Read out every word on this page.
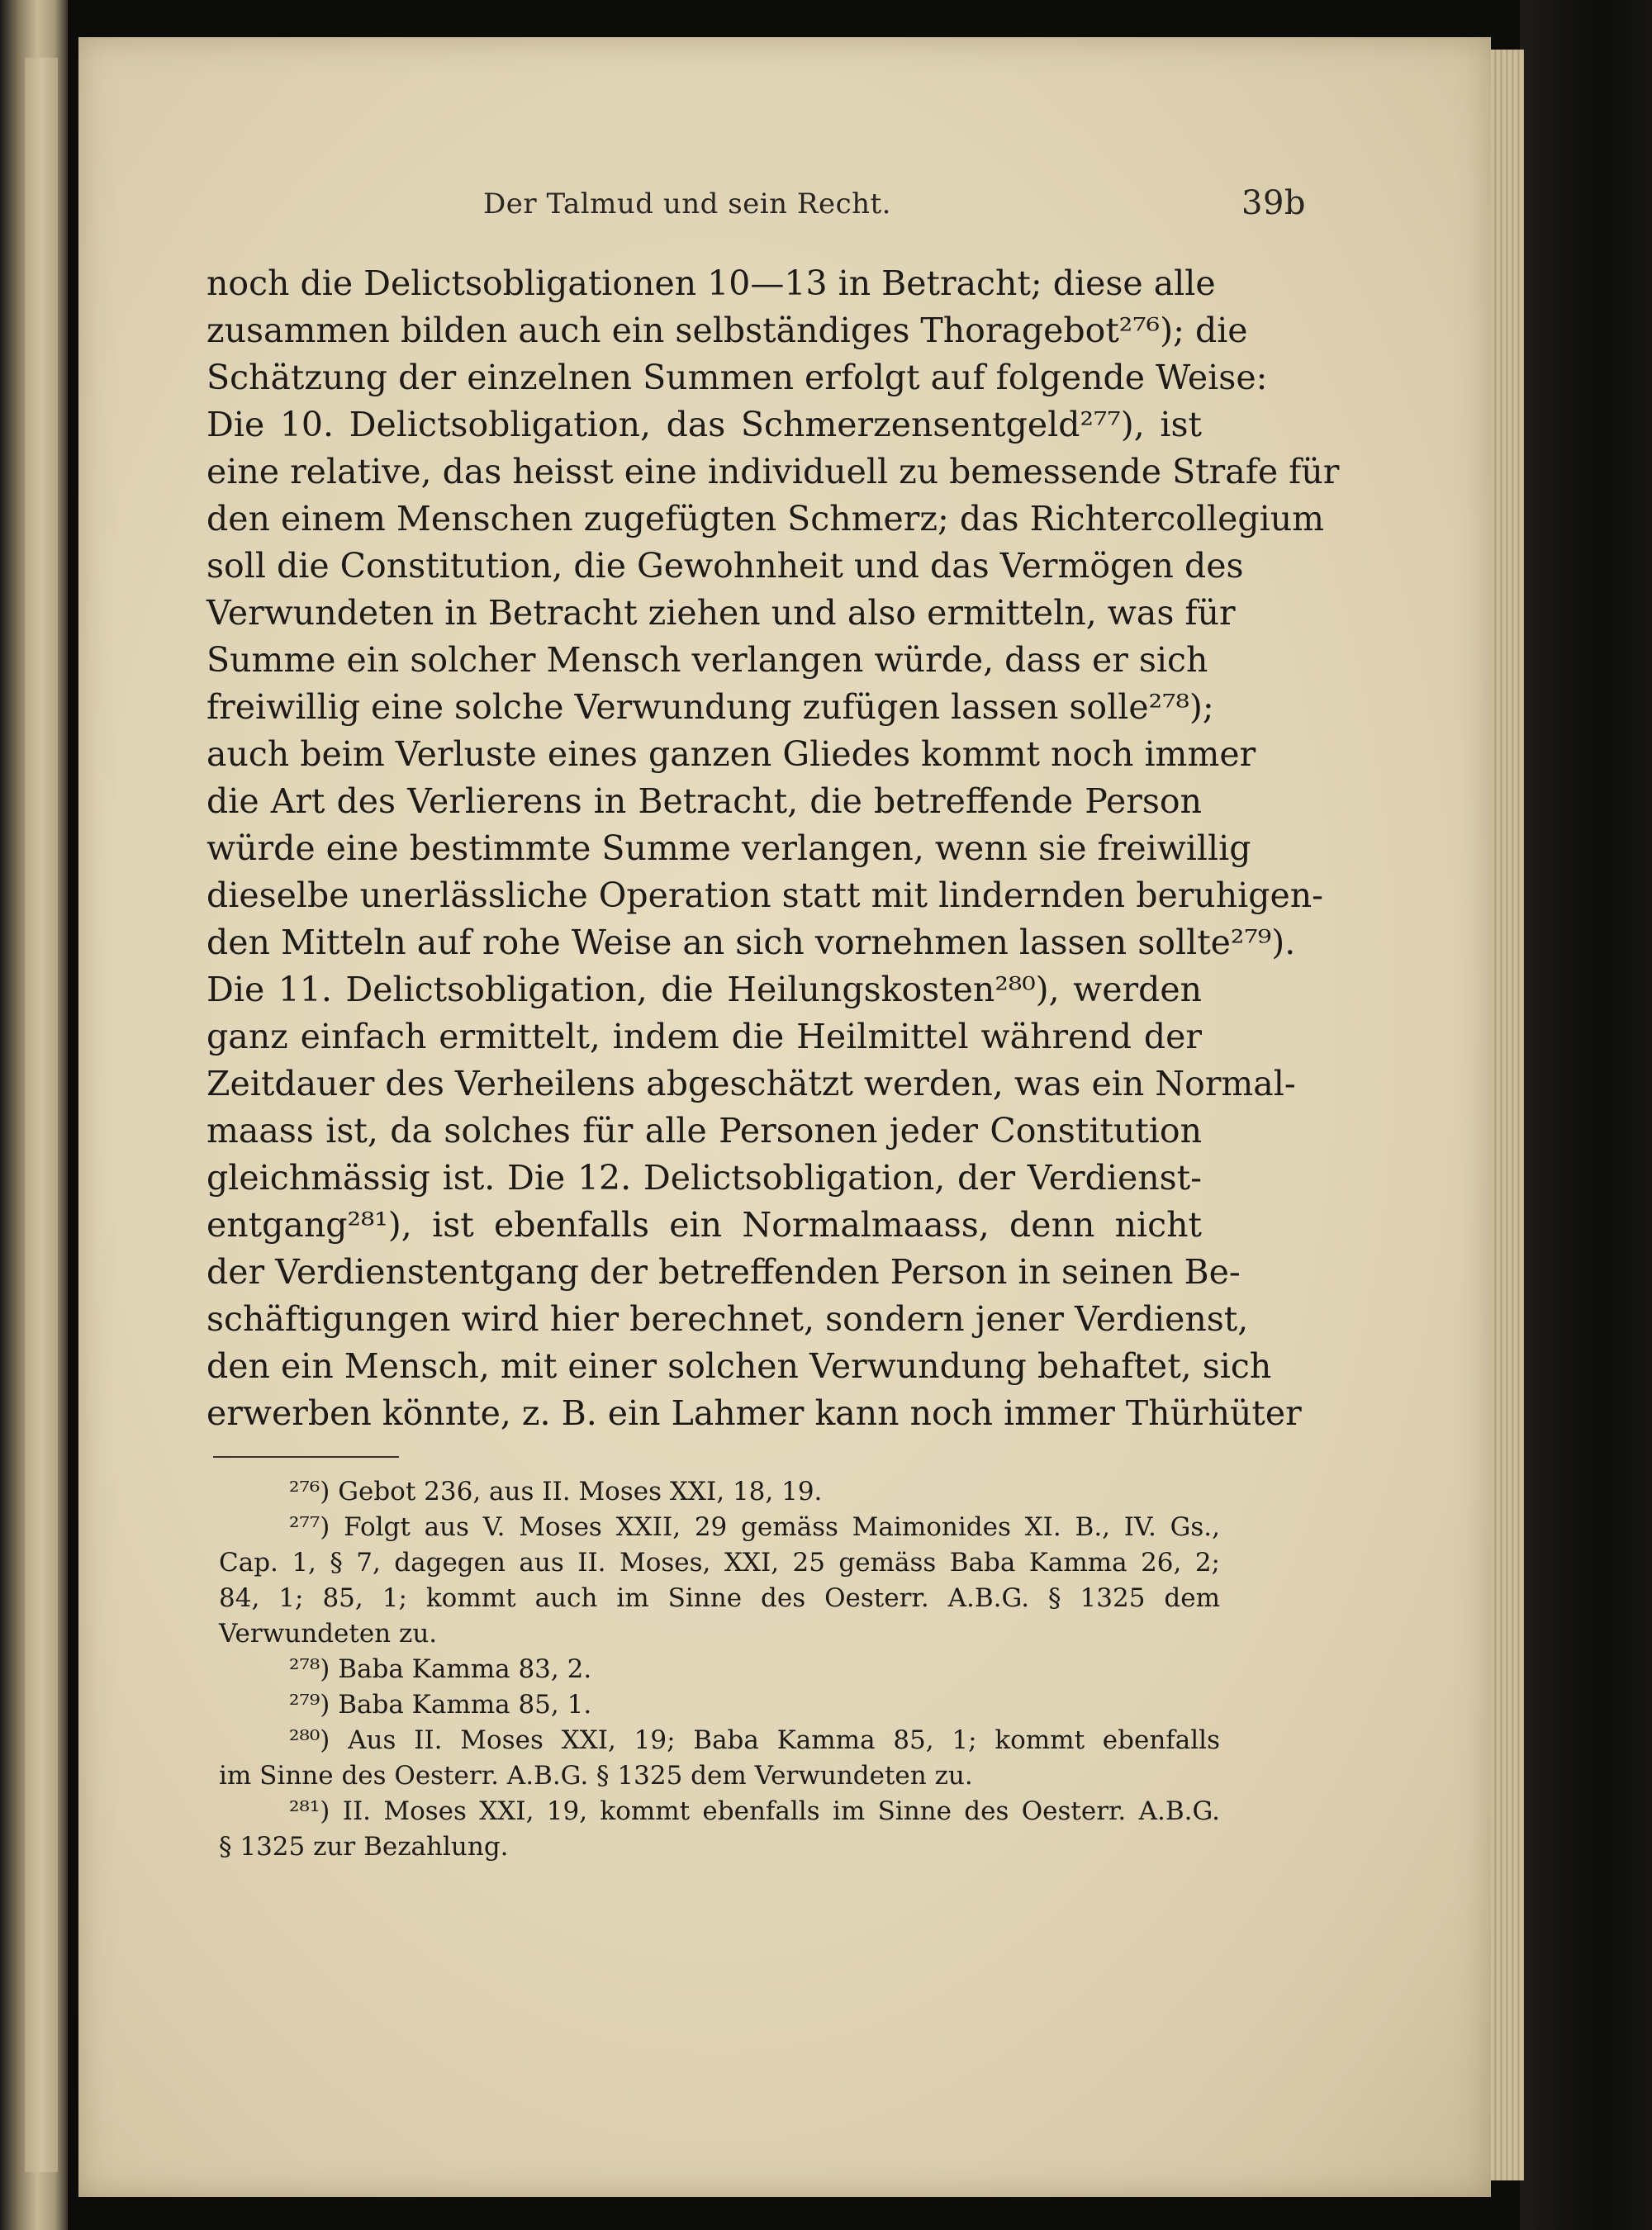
Der Talmud und sein Recht.	39b
noch die Delictsobligationen 10—13 in Betracht; diese alle
zusammen bilden auch ein selbständiges Thoragebot²⁷⁶); die
Schätzung der einzelnen Summen erfolgt auf folgende Weise:
Die 10. Delictsobligation, das Schmerzensentgeld²⁷⁷), ist
eine relative, das heisst eine individuell zu bemessende Strafe für
den einem Menschen zugefügten Schmerz; das Richtercollegium
soll die Constitution, die Gewohnheit und das Vermögen des
Verwundeten in Betracht ziehen und also ermitteln, was für
Summe ein solcher Mensch verlangen würde, dass er sich
freiwillig eine solche Verwundung zufügen lassen solle²⁷⁸);
auch beim Verluste eines ganzen Gliedes kommt noch immer
die Art des Verlierens in Betracht, die betreffende Person
würde eine bestimmte Summe verlangen, wenn sie freiwillig
dieselbe unerlässliche Operation statt mit lindernden beruhigen-
den Mitteln auf rohe Weise an sich vornehmen lassen sollte²⁷⁹).
Die 11. Delictsobligation, die Heilungskosten²⁸⁰), werden
ganz einfach ermittelt, indem die Heilmittel während der
Zeitdauer des Verheilens abgeschätzt werden, was ein Normal-
maass ist, da solches für alle Personen jeder Constitution
gleichmässig ist. Die 12. Delictsobligation, der Verdienst-
entgang²⁸¹), ist ebenfalls ein Normalmaass, denn nicht
der Verdienstentgang der betreffenden Person in seinen Be-
schäftigungen wird hier berechnet, sondern jener Verdienst,
den ein Mensch, mit einer solchen Verwundung behaftet, sich
erwerben könnte, z. B. ein Lahmer kann noch immer Thürhüter
²⁷⁶) Gebot 236, aus II. Moses XXI, 18, 19.
²⁷⁷) Folgt aus V. Moses XXII, 29 gemäss Maimonides XI. B., IV. Gs.,
Cap. 1, § 7, dagegen aus II. Moses, XXI, 25 gemäss Baba Kamma 26, 2;
84, 1; 85, 1; kommt auch im Sinne des Oesterr. A.B.G. § 1325 dem
Verwundeten zu.
²⁷⁸) Baba Kamma 83, 2.
²⁷⁹) Baba Kamma 85, 1.
²⁸⁰) Aus II. Moses XXI, 19; Baba Kamma 85, 1; kommt ebenfalls
im Sinne des Oesterr. A.B.G. § 1325 dem Verwundeten zu.
²⁸¹) II. Moses XXI, 19, kommt ebenfalls im Sinne des Oesterr. A.B.G.
§ 1325 zur Bezahlung.
